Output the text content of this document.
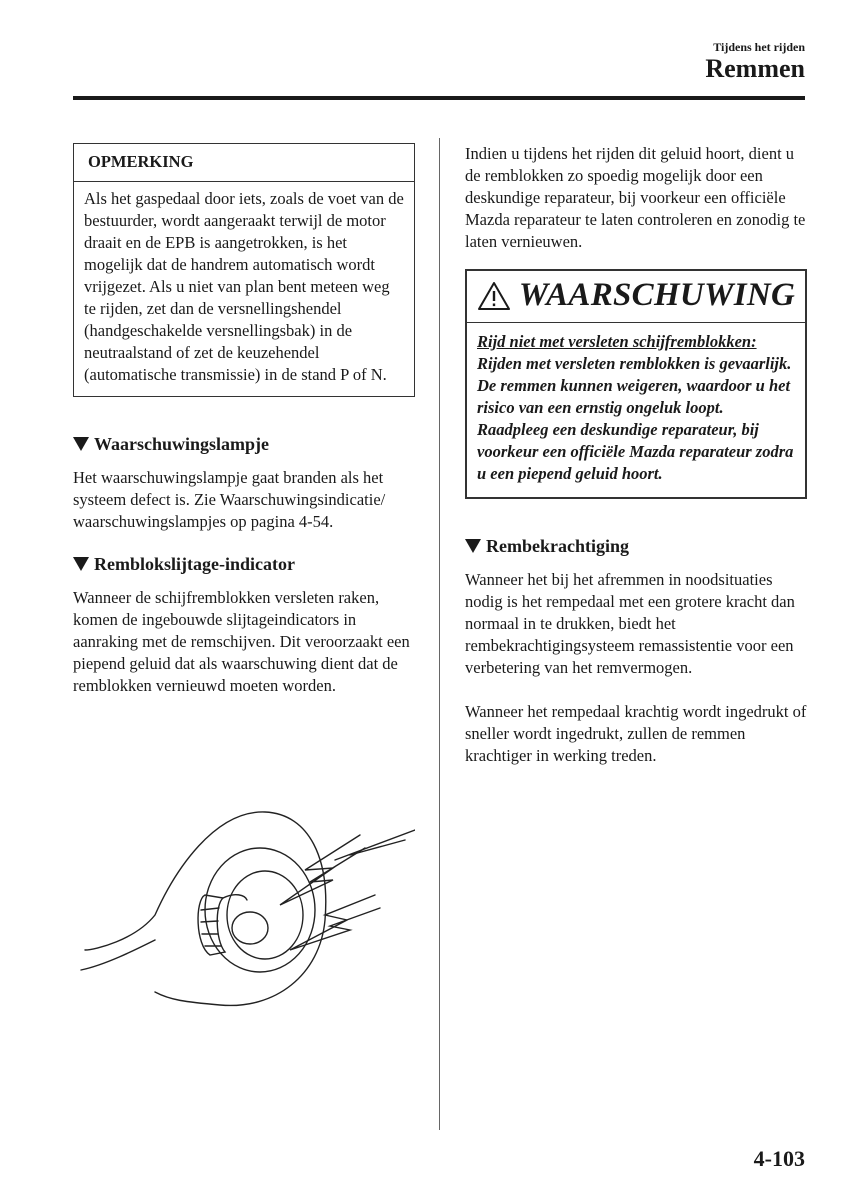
Tijdens het rijden
Remmen
OPMERKING

Als het gaspedaal door iets, zoals de voet van de bestuurder, wordt aangeraakt terwijl de motor draait en de EPB is aangetrokken, is het mogelijk dat de handrem automatisch wordt vrijgezet. Als u niet van plan bent meteen weg te rijden, zet dan de versnellingshendel (handgeschakelde versnellingsbak) in de neutraalstand of zet de keuzehendel (automatische transmissie) in de stand P of N.

Waarschuwingslampje

Het waarschuwingslampje gaat branden als het systeem defect is. Zie Waarschuwingsindicatie/ waarschuwingslampjes op pagina 4-54.

Remblokslijtage-indicator

Wanneer de schijfremblokken versleten raken, komen de ingebouwde slijtageindicators in aanraking met de remschijven. Dit veroorzaakt een piepend geluid dat als waarschuwing dient dat de remblokken vernieuwd moeten worden.

Indien u tijdens het rijden dit geluid hoort, dient u de remblokken zo spoedig mogelijk door een deskundige reparateur, bij voorkeur een officiële Mazda reparateur te laten controleren en zonodig te laten vernieuwen.

WAARSCHUWING
Rijd niet met versleten schijfremblokken:
Rijden met versleten remblokken is gevaarlijk. De remmen kunnen weigeren, waardoor u het risico van een ernstig ongeluk loopt. Raadpleeg een deskundige reparateur, bij voorkeur een officiële Mazda reparateur zodra u een piepend geluid hoort.
Rembekrachtiging

Wanneer het bij het afremmen in noodsituaties nodig is het rempedaal met een grotere kracht dan normaal in te drukken, biedt het rembekrachtigingsysteem remassistentie voor een verbetering van het remvermogen.

Wanneer het rempedaal krachtig wordt ingedrukt of sneller wordt ingedrukt, zullen de remmen krachtiger in werking treden.

4-103
